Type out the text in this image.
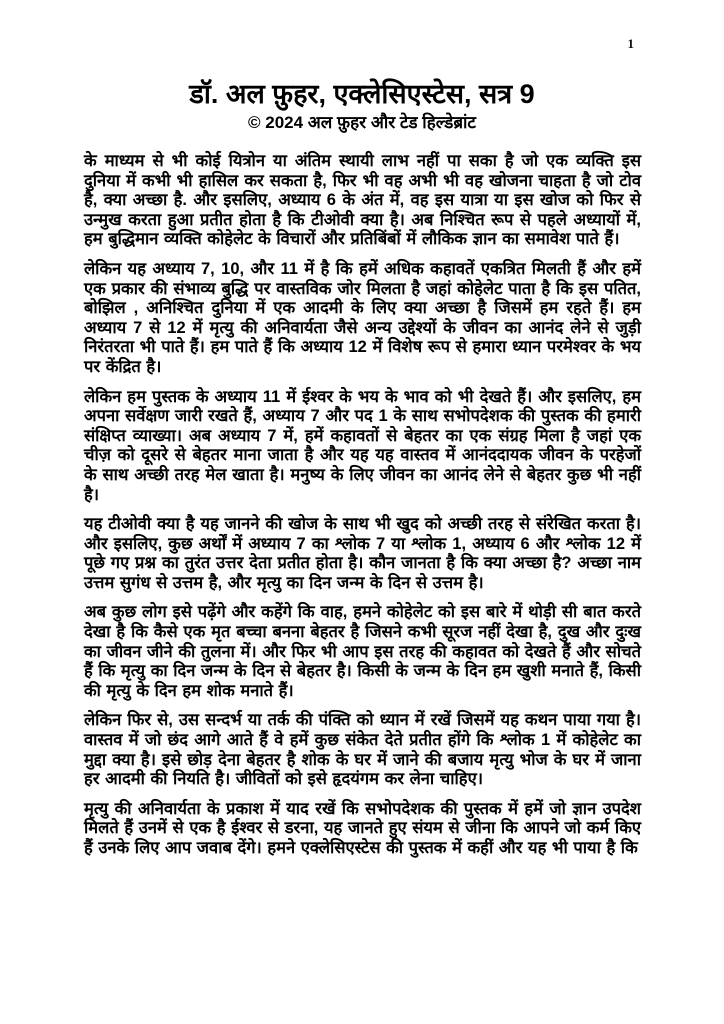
1
डॉ. अल फ़ुहर, एक्लेसिएस्टेस, सत्र 9
© 2024 अल फ़ुहर और टेड हिल्डेब्रांट

के माध्यम से भी कोई यित्रोन या अंतिम स्थायी लाभ नहीं पा सका है जो एक व्यक्ति इस दुनिया में कभी भी हासिल कर सकता है, फिर भी वह अभी भी वह खोजना चाहता है जो टोव है, क्या अच्छा है. और इसलिए, अध्याय 6 के अंत में, वह इस यात्रा या इस खोज को फिर से उन्मुख करता हुआ प्रतीत होता है कि टीओवी क्या है। अब निश्चित रूप से पहले अध्यायों में, हम बुद्धिमान व्यक्ति कोहेलेट के विचारों और प्रतिबिंबों में लौकिक ज्ञान का समावेश पाते हैं।

लेकिन यह अध्याय 7, 10, और 11 में है कि हमें अधिक कहावतें एकत्रित मिलती हैं और हमें एक प्रकार की संभाव्य बुद्धि पर वास्तविक जोर मिलता है जहां कोहेलेट पाता है कि इस पतित, बोझिल , अनिश्चित दुनिया में एक आदमी के लिए क्या अच्छा है जिसमें हम रहते हैं। हम अध्याय 7 से 12 में मृत्यु की अनिवार्यता जैसे अन्य उद्देश्यों के जीवन का आनंद लेने से जुड़ी निरंतरता भी पाते हैं। हम पाते हैं कि अध्याय 12 में विशेष रूप से हमारा ध्यान परमेश्वर के भय पर केंद्रित है।

लेकिन हम पुस्तक के अध्याय 11 में ईश्वर के भय के भाव को भी देखते हैं। और इसलिए, हम अपना सर्वेक्षण जारी रखते हैं, अध्याय 7 और पद 1 के साथ सभोपदेशक की पुस्तक की हमारी संक्षिप्त व्याख्या। अब अध्याय 7 में, हमें कहावतों से बेहतर का एक संग्रह मिला है जहां एक चीज़ को दूसरे से बेहतर माना जाता है और यह यह वास्तव में आनंददायक जीवन के परहेजों के साथ अच्छी तरह मेल खाता है। मनुष्य के लिए जीवन का आनंद लेने से बेहतर कुछ भी नहीं है।

यह टीओवी क्या है यह जानने की खोज के साथ भी खुद को अच्छी तरह से संरेखित करता है। और इसलिए, कुछ अर्थों में अध्याय 7 का श्लोक 7 या श्लोक 1, अध्याय 6 और श्लोक 12 में पूछे गए प्रश्न का तुरंत उत्तर देता प्रतीत होता है। कौन जानता है कि क्या अच्छा है? अच्छा नाम उत्तम सुगंध से उत्तम है, और मृत्यु का दिन जन्म के दिन से उत्तम है।

अब कुछ लोग इसे पढ़ेंगे और कहेंगे कि वाह, हमने कोहेलेट को इस बारे में थोड़ी सी बात करते देखा है कि कैसे एक मृत बच्चा बनना बेहतर है जिसने कभी सूरज नहीं देखा है, दुख और दुःख का जीवन जीने की तुलना में। और फिर भी आप इस तरह की कहावत को देखते हैं और सोचते हैं कि मृत्यु का दिन जन्म के दिन से बेहतर है। किसी के जन्म के दिन हम खुशी मनाते हैं, किसी की मृत्यु के दिन हम शोक मनाते हैं।

लेकिन फिर से, उस सन्दर्भ या तर्क की पंक्ति को ध्यान में रखें जिसमें यह कथन पाया गया है। वास्तव में जो छंद आगे आते हैं वे हमें कुछ संकेत देते प्रतीत होंगे कि श्लोक 1 में कोहेलेट का मुद्दा क्या है। इसे छोड़ देना बेहतर है शोक के घर में जाने की बजाय मृत्यु भोज के घर में जाना हर आदमी की नियति है। जीवितों को इसे हृदयंगम कर लेना चाहिए।

मृत्यु की अनिवार्यता के प्रकाश में याद रखें कि सभोपदेशक की पुस्तक में हमें जो ज्ञान उपदेश मिलते हैं उनमें से एक है ईश्वर से डरना, यह जानते हुए संयम से जीना कि आपने जो कर्म किए हैं उनके लिए आप जवाब देंगे। हमने एक्लेसिएस्टेस की पुस्तक में कहीं और यह भी पाया है कि
